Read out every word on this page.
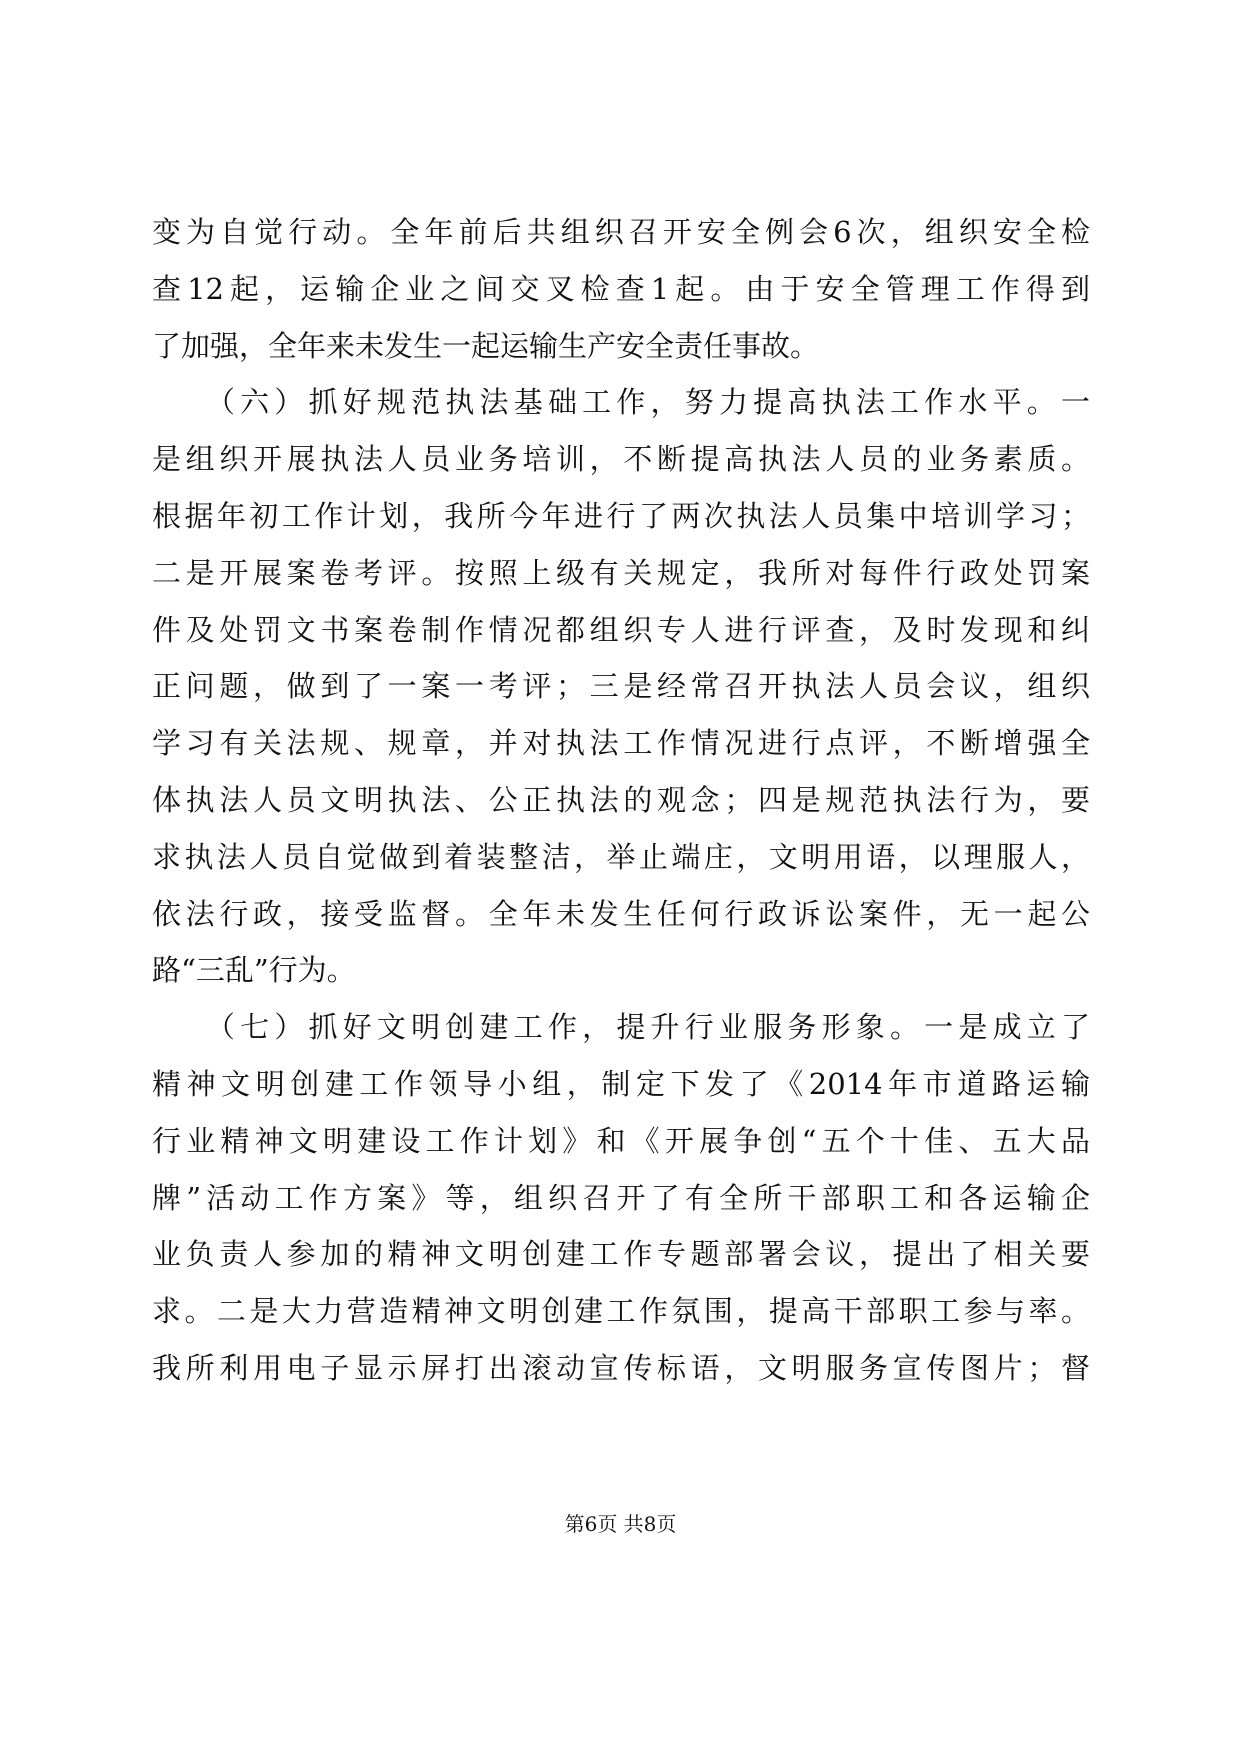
变为自觉行动。全年前后共组织召开安全例会6次，组织安全检
查12起，运输企业之间交叉检查1起。由于安全管理工作得到
了加强，全年来未发生一起运输生产安全责任事故。
　　（六）抓好规范执法基础工作，努力提高执法工作水平。一
是组织开展执法人员业务培训，不断提高执法人员的业务素质。
根据年初工作计划，我所今年进行了两次执法人员集中培训学习；
二是开展案卷考评。按照上级有关规定，我所对每件行政处罚案
件及处罚文书案卷制作情况都组织专人进行评查，及时发现和纠
正问题，做到了一案一考评；三是经常召开执法人员会议，组织
学习有关法规、规章，并对执法工作情况进行点评，不断增强全
体执法人员文明执法、公正执法的观念；四是规范执法行为，要
求执法人员自觉做到着装整洁，举止端庄，文明用语，以理服人，
依法行政，接受监督。全年未发生任何行政诉讼案件，无一起公
路“三乱”行为。
　　（七）抓好文明创建工作，提升行业服务形象。一是成立了
精神文明创建工作领导小组，制定下发了《2014年市道路运输
行业精神文明建设工作计划》和《开展争创“五个十佳、五大品
牌”活动工作方案》等，组织召开了有全所干部职工和各运输企
业负责人参加的精神文明创建工作专题部署会议，提出了相关要
求。二是大力营造精神文明创建工作氛围，提高干部职工参与率。
我所利用电子显示屏打出滚动宣传标语，文明服务宣传图片；督
第6页 共8页
